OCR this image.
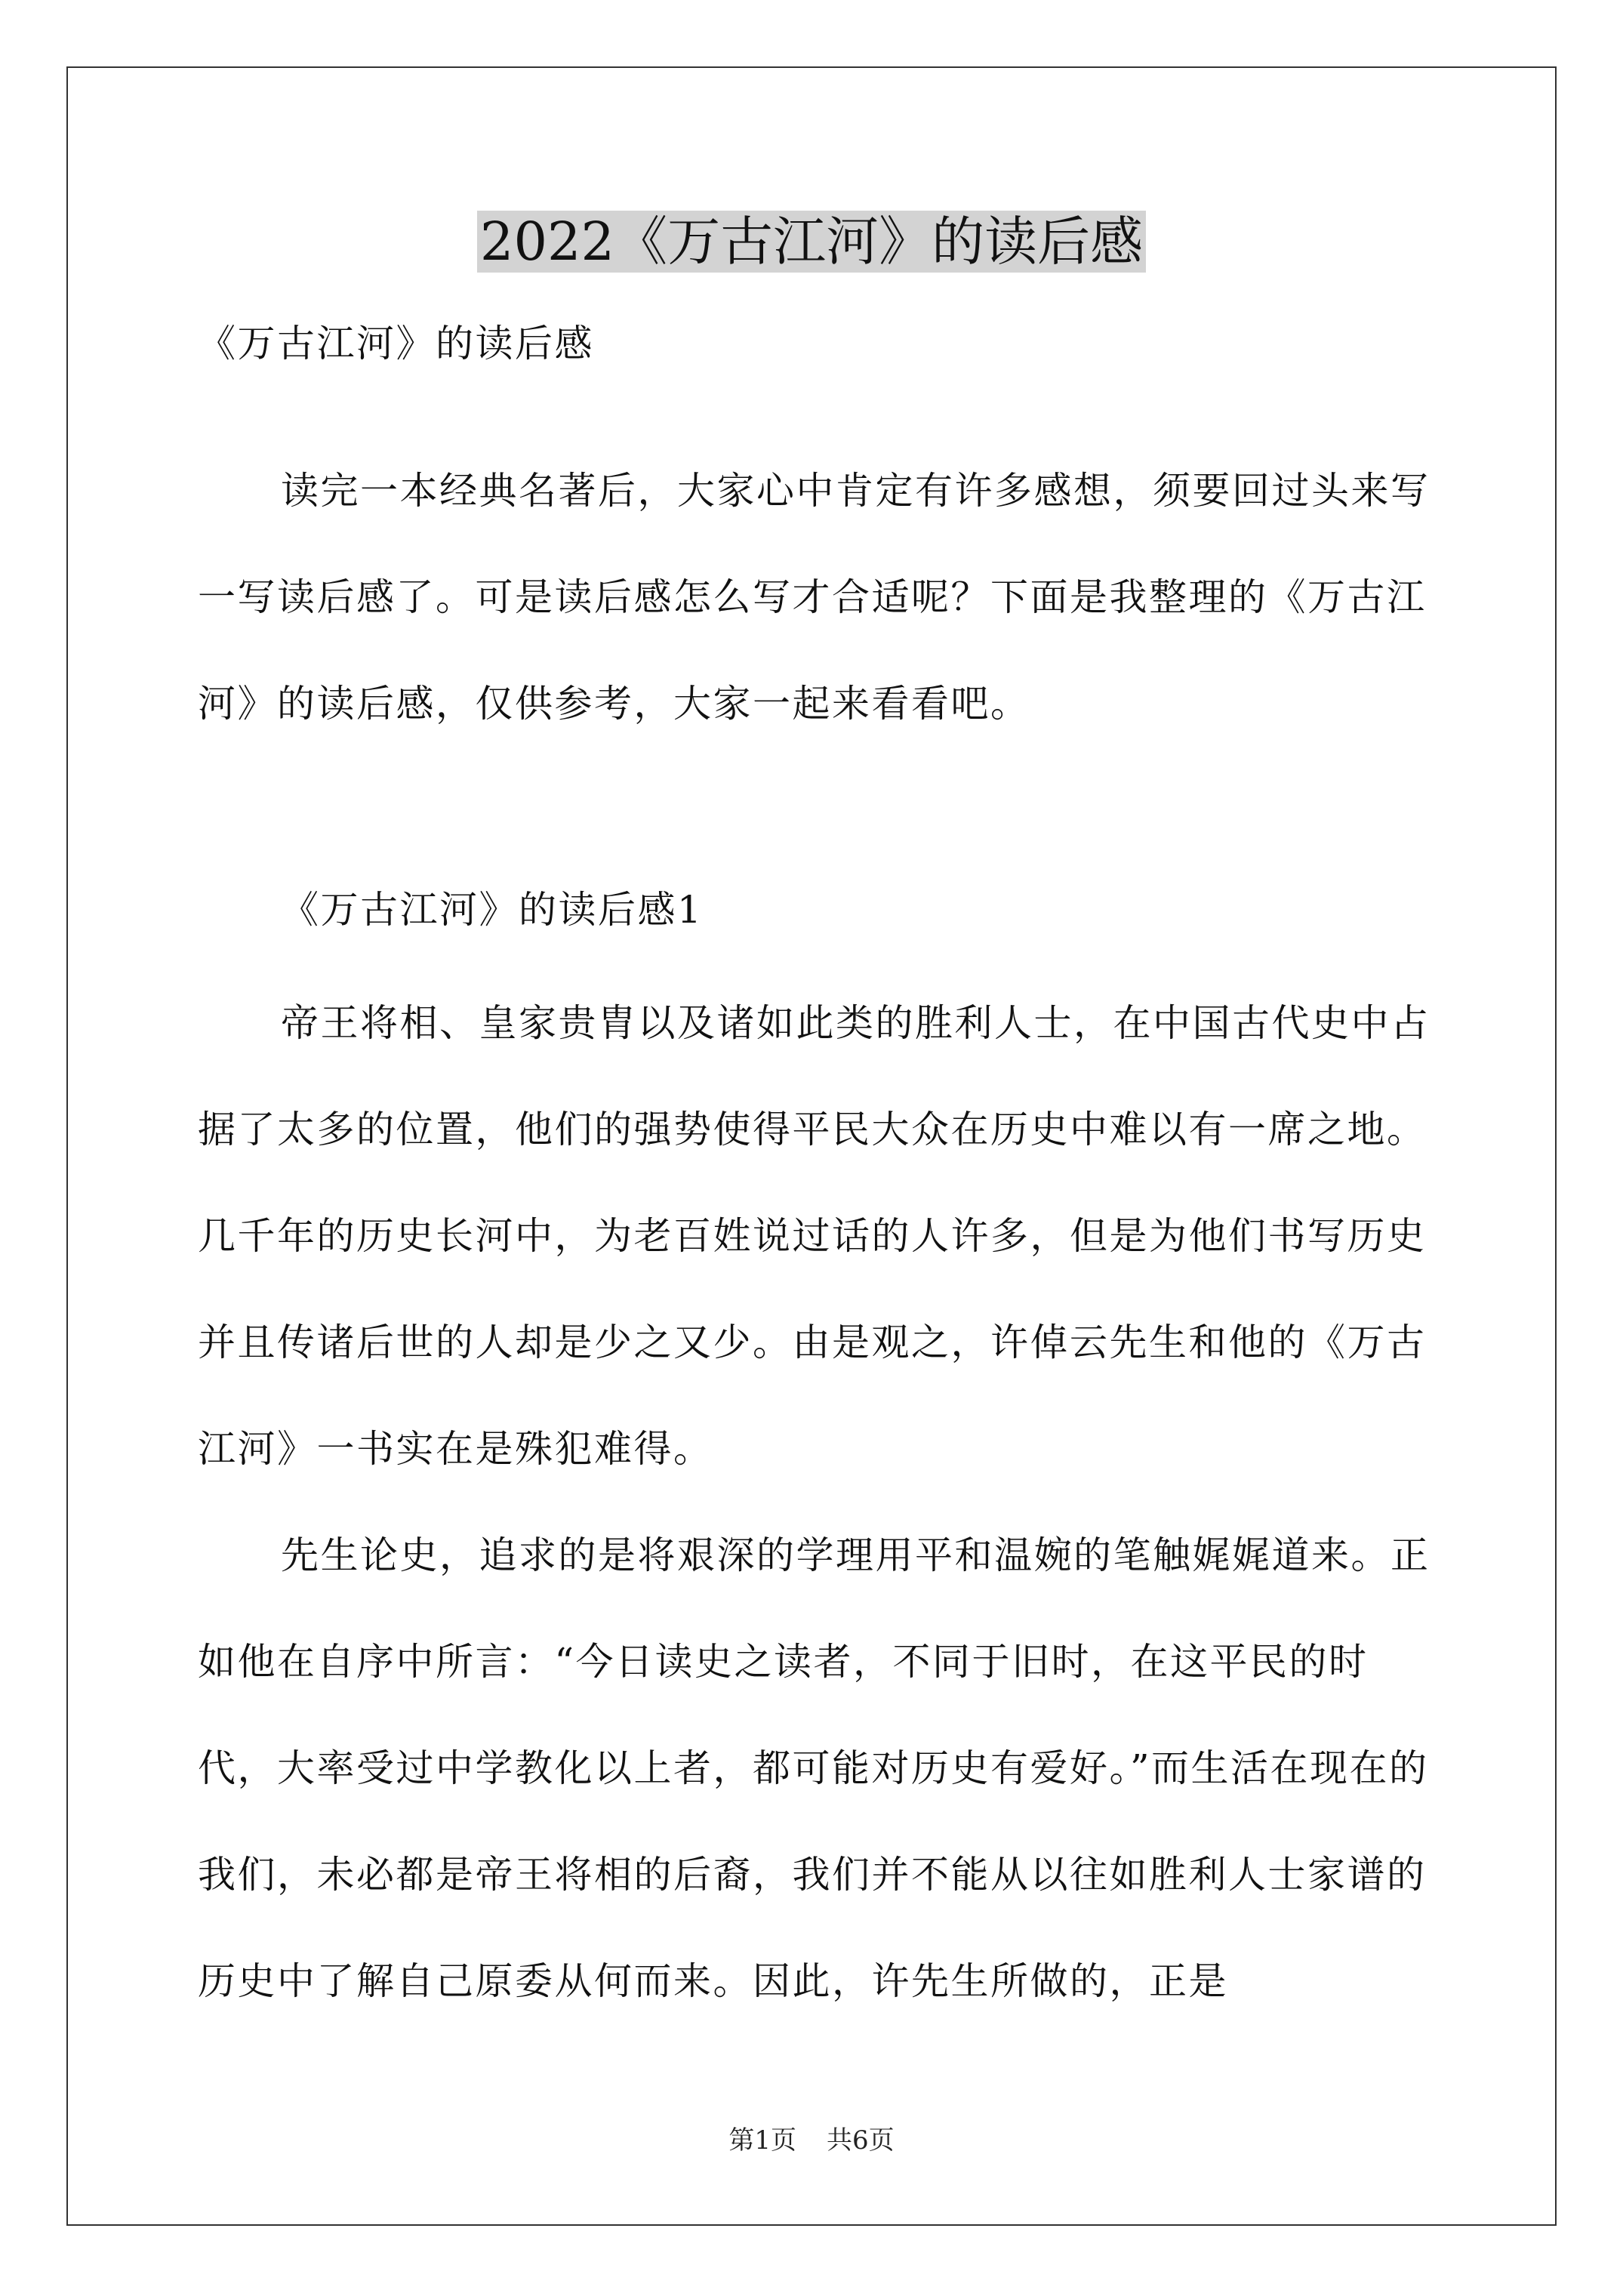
2022《万古江河》的读后感
《万古江河》的读后感
读完一本经典名著后，大家心中肯定有许多感想，须要回过头来写一写读后感了。可是读后感怎么写才合适呢？下面是我整理的《万古江河》的读后感，仅供参考，大家一起来看看吧。
《万古江河》的读后感1
帝王将相、皇家贵胄以及诸如此类的胜利人士，在中国古代史中占据了太多的位置，他们的强势使得平民大众在历史中难以有一席之地。几千年的历史长河中，为老百姓说过话的人许多，但是为他们书写历史并且传诸后世的人却是少之又少。由是观之，许倬云先生和他的《万古江河》一书实在是殊犯难得。
先生论史，追求的是将艰深的学理用平和温婉的笔触娓娓道来。正如他在自序中所言：“今日读史之读者，不同于旧时，在这平民的时代，大率受过中学教化以上者，都可能对历史有爱好。”而生活在现在的我们，未必都是帝王将相的后裔，我们并不能从以往如胜利人士家谱的历史中了解自己原委从何而来。因此，许先生所做的，正是
第1页 共6页
